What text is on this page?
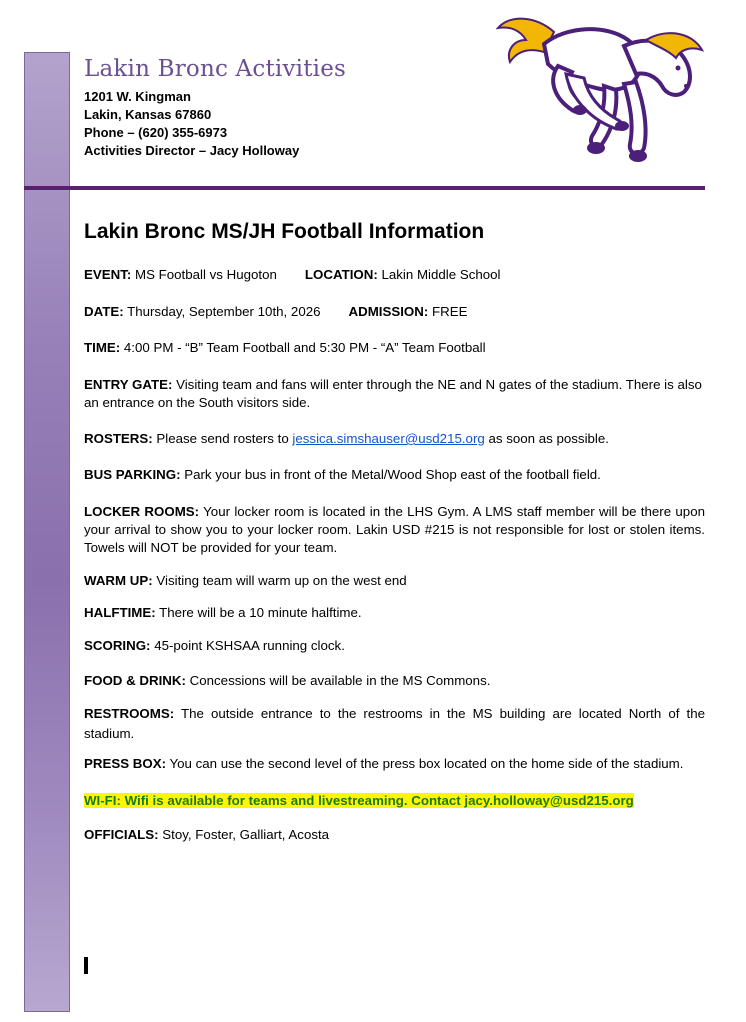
Lakin Bronc Activities
1201 W. Kingman
Lakin, Kansas 67860
Phone – (620) 355-6973
Activities Director – Jacy Holloway
Lakin Bronc MS/JH Football Information
EVENT: MS Football vs Hugoton LOCATION: Lakin Middle School
DATE: Thursday, September 10th, 2026 ADMISSION: FREE
TIME: 4:00 PM - “B” Team Football and 5:30 PM - “A” Team Football
ENTRY GATE: Visiting team and fans will enter through the NE and N gates of the stadium. There is also an entrance on the South visitors side.
ROSTERS: Please send rosters to jessica.simshauser@usd215.org as soon as possible.
BUS PARKING: Park your bus in front of the Metal/Wood Shop east of the football field.
LOCKER ROOMS: Your locker room is located in the LHS Gym. A LMS staff member will be there upon your arrival to show you to your locker room. Lakin USD #215 is not responsible for lost or stolen items. Towels will NOT be provided for your team.
WARM UP: Visiting team will warm up on the west end
HALFTIME: There will be a 10 minute halftime.
SCORING: 45-point KSHSAA running clock.
FOOD & DRINK: Concessions will be available in the MS Commons.
RESTROOMS: The outside entrance to the restrooms in the MS building are located North of the stadium.
PRESS BOX: You can use the second level of the press box located on the home side of the stadium.
WI-FI: Wifi is available for teams and livestreaming. Contact jacy.holloway@usd215.org
OFFICIALS: Stoy, Foster, Galliart, Acosta
